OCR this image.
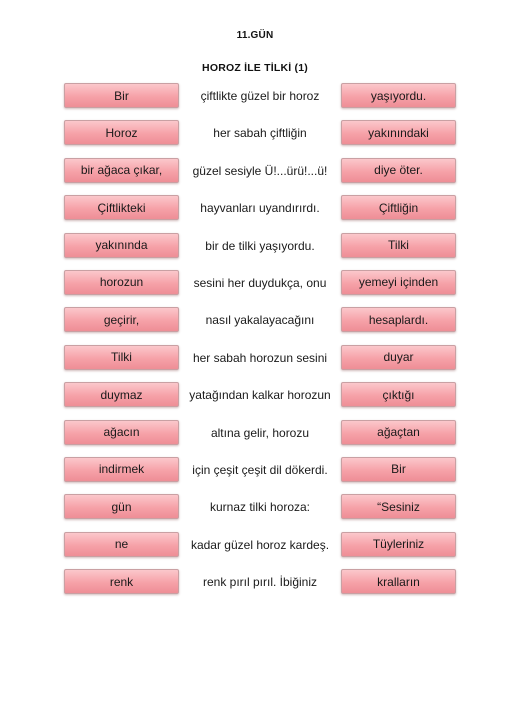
11.GÜN
HOROZ İLE TİLKİ (1)
Bir	çiftlikte güzel bir horoz	yaşıyordu.
Horoz	her sabah çiftliğin	yakınındaki
bir ağaca çıkar,	güzel sesiyle Ü!...ürü!...ü!	diye öter.
Çiftlikteki	hayvanları uyandırırdı.	Çiftliğin
yakınında	bir de tilki yaşıyordu.	Tilki
horozun	sesini her duydukça, onu	yemeyi içinden
geçirir,	nasıl yakalayacağını	hesaplardı.
Tilki	her sabah horozun sesini	duyar
duymaz	yatağından kalkar horozun	çıktığı
ağacın	altına gelir, horozu	ağaçtan
indirmek	için çeşit çeşit dil dökerdi.	Bir
gün	kurnaz tilki horoza:	“Sesiniz
ne	kadar güzel horoz kardeş.	Tüyleriniz
renk	renk pırıl pırıl. İbiğiniz	kralların
